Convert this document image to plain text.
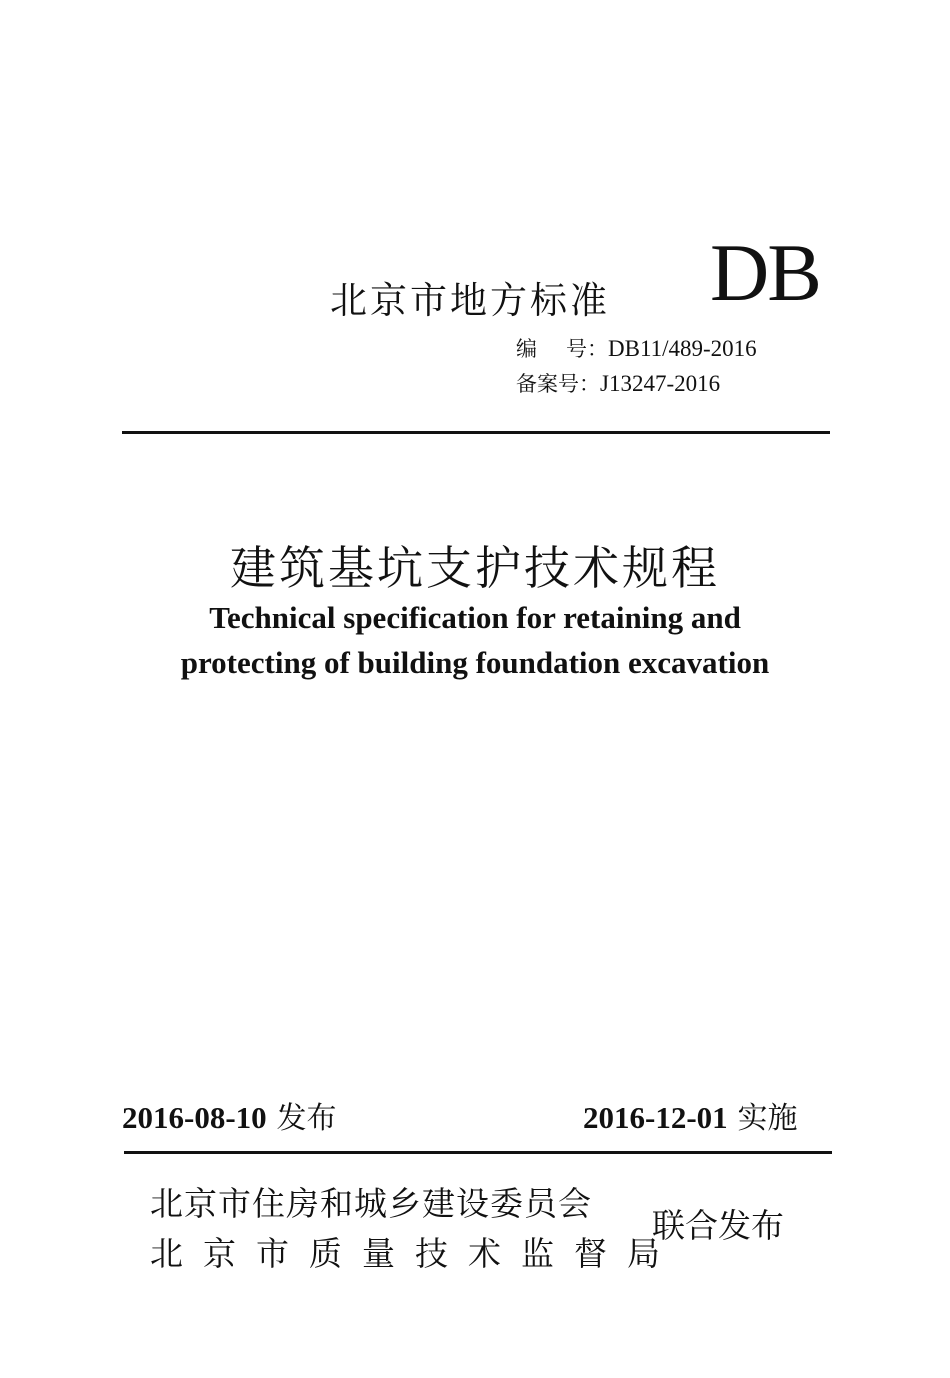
北京市地方标准 DB
编 号：DB11/489-2016
备案号：J13247-2016
建筑基坑支护技术规程
Technical specification for retaining and
protecting of building foundation excavation
2016-08-10 发布	2016-12-01 实施
北京市住房和城乡建设委员会
北京市质量技术监督局
联合发布
